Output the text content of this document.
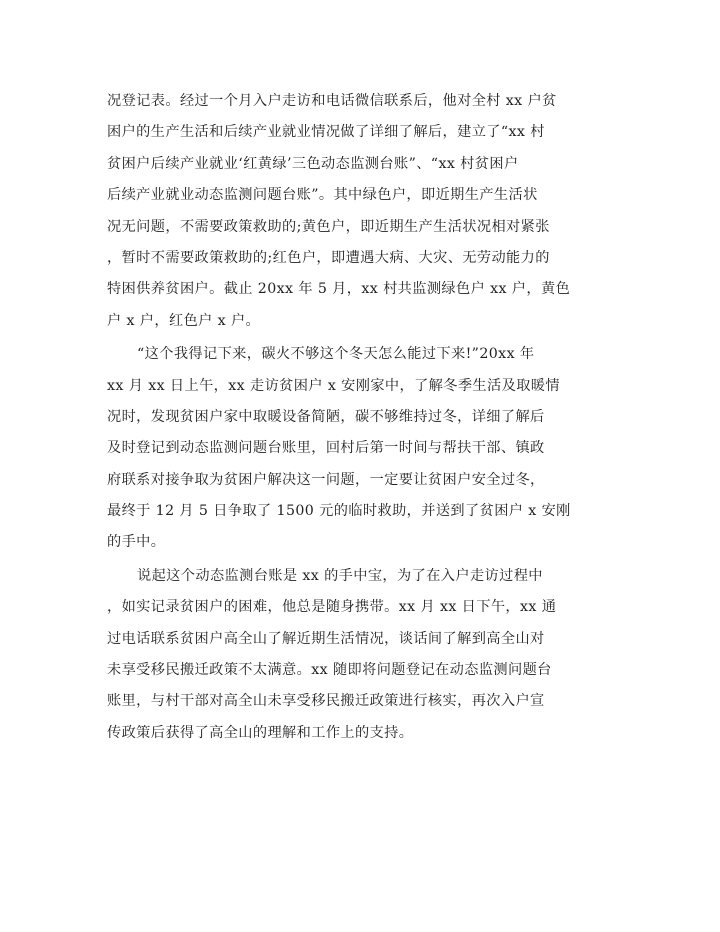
况登记表。经过一个月入户走访和电话微信联系后，他对全村 xx 户贫
困户的生产生活和后续产业就业情况做了详细了解后，建立了“xx 村
贫困户后续产业就业‘红黄绿’三色动态监测台账”、“xx 村贫困户
后续产业就业动态监测问题台账”。其中绿色户，即近期生产生活状
况无问题，不需要政策救助的;黄色户，即近期生产生活状况相对紧张
，暂时不需要政策救助的;红色户，即遭遇大病、大灾、无劳动能力的
特困供养贫困户。截止 20xx 年 5 月，xx 村共监测绿色户 xx 户，黄色
户 x 户，红色户 x 户。
“这个我得记下来，碳火不够这个冬天怎么能过下来!”20xx 年
xx 月 xx 日上午，xx 走访贫困户 x 安刚家中，了解冬季生活及取暖情
况时，发现贫困户家中取暖设备简陋，碳不够维持过冬，详细了解后
及时登记到动态监测问题台账里，回村后第一时间与帮扶干部、镇政
府联系对接争取为贫困户解决这一问题，一定要让贫困户安全过冬，
最终于 12 月 5 日争取了 1500 元的临时救助，并送到了贫困户 x 安刚
的手中。
说起这个动态监测台账是 xx 的手中宝，为了在入户走访过程中
，如实记录贫困户的困难，他总是随身携带。xx 月 xx 日下午，xx 通
过电话联系贫困户高全山了解近期生活情况，谈话间了解到高全山对
未享受移民搬迁政策不太满意。xx 随即将问题登记在动态监测问题台
账里，与村干部对高全山未享受移民搬迁政策进行核实，再次入户宣
传政策后获得了高全山的理解和工作上的支持。
